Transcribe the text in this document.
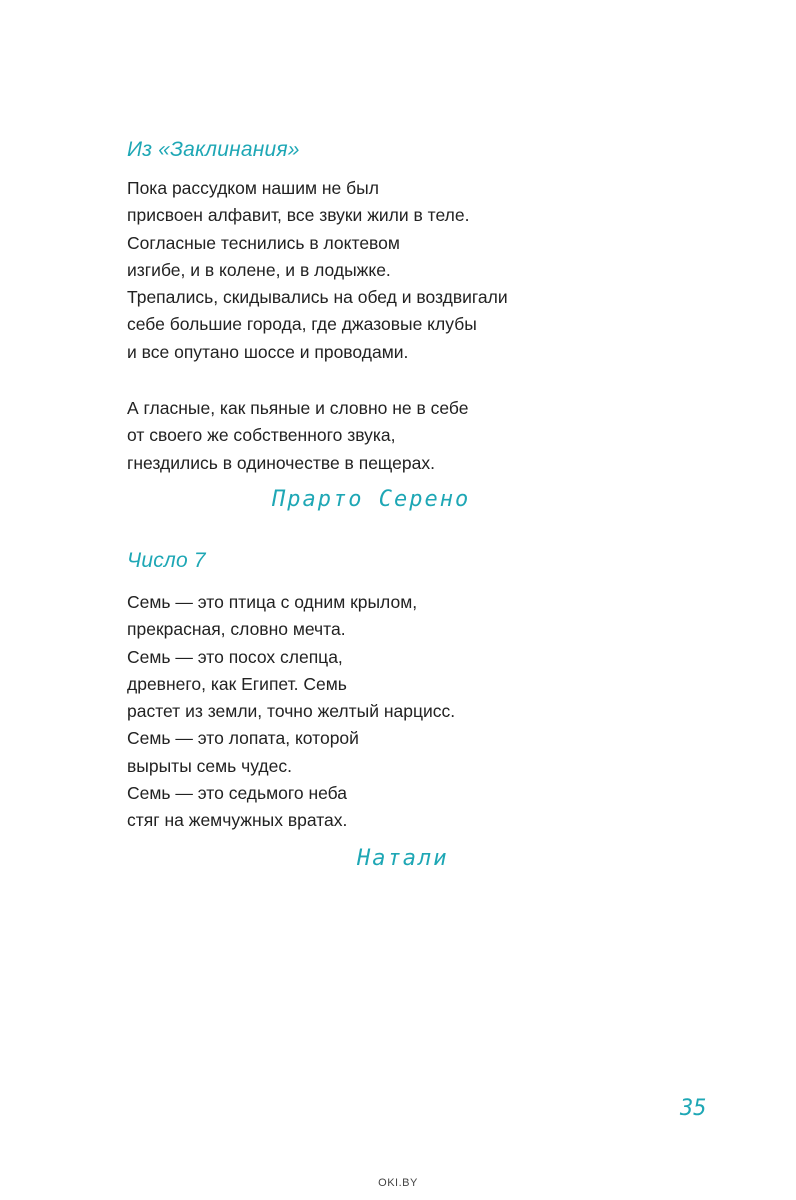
Из «Заклинания»
Пока рассудком нашим не был
присвоен алфавит, все звуки жили в теле.
Согласные теснились в локтевом
изгибе, и в колене, и в лодыжке.
Трепались, скидывались на обед и воздвигали
себе большие города, где джазовые клубы
и все опутано шоссе и проводами.
А гласные, как пьяные и словно не в себе
от своего же собственного звука,
гнездились в одиночестве в пещерах.
Прарто Серено
Число 7
Семь — это птица с одним крылом,
прекрасная, словно мечта.
Семь — это посох слепца,
древнего, как Египет. Семь
растет из земли, точно желтый нарцисс.
Семь — это лопата, которой
вырыты семь чудес.
Семь — это седьмого неба
стяг на жемчужных вратах.
Натали
35
OKI.BY
